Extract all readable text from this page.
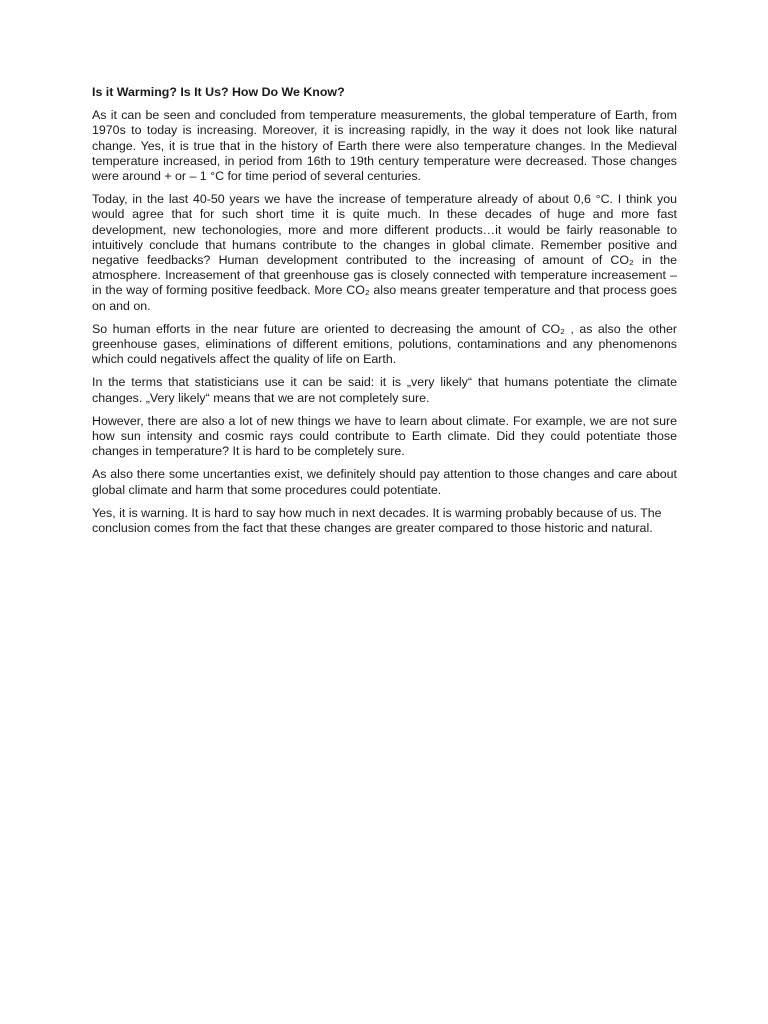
Is it Warming? Is It Us? How Do We Know?

As it can be seen and concluded from temperature measurements, the global temperature of Earth, from 1970s to today is increasing. Moreover, it is increasing rapidly, in the way it does not look like natural change. Yes, it is true that in the history of Earth there were also temperature changes. In the Medieval temperature increased, in period from 16th to 19th century temperature were decreased. Those changes were around + or – 1 °C for time period of several centuries.

Today, in the last 40-50 years we have the increase of temperature already of about 0,6 °C. I think you would agree that for such short time it is quite much. In these decades of huge and more fast development, new techonologies, more and more different products…it would be fairly reasonable to intuitively conclude that humans contribute to the changes in global climate. Remember positive and negative feedbacks? Human development contributed to the increasing of amount of CO₂ in the atmosphere. Increasement of that greenhouse gas is closely connected with temperature increasement – in the way of forming positive feedback. More CO₂ also means greater temperature and that process goes on and on.

So human efforts in the near future are oriented to decreasing the amount of CO₂ , as also the other greenhouse gases, eliminations of different emitions, polutions, contaminations and any phenomenons which could negativels affect the quality of life on Earth.

In the terms that statisticians use it can be said: it is „very likely“ that humans potentiate the climate changes. „Very likely“ means that we are not completely sure.

However, there are also a lot of new things we have to learn about climate. For example, we are not sure how sun intensity and cosmic rays could contribute to Earth climate. Did they could potentiate those changes in temperature? It is hard to be completely sure.

As also there some uncertanties exist, we definitely should pay attention to those changes and care about global climate and harm that some procedures could potentiate.

Yes, it is warning. It is hard to say how much in next decades. It is warming probably because of us. The conclusion comes from the fact that these changes are greater compared to those historic and natural.
